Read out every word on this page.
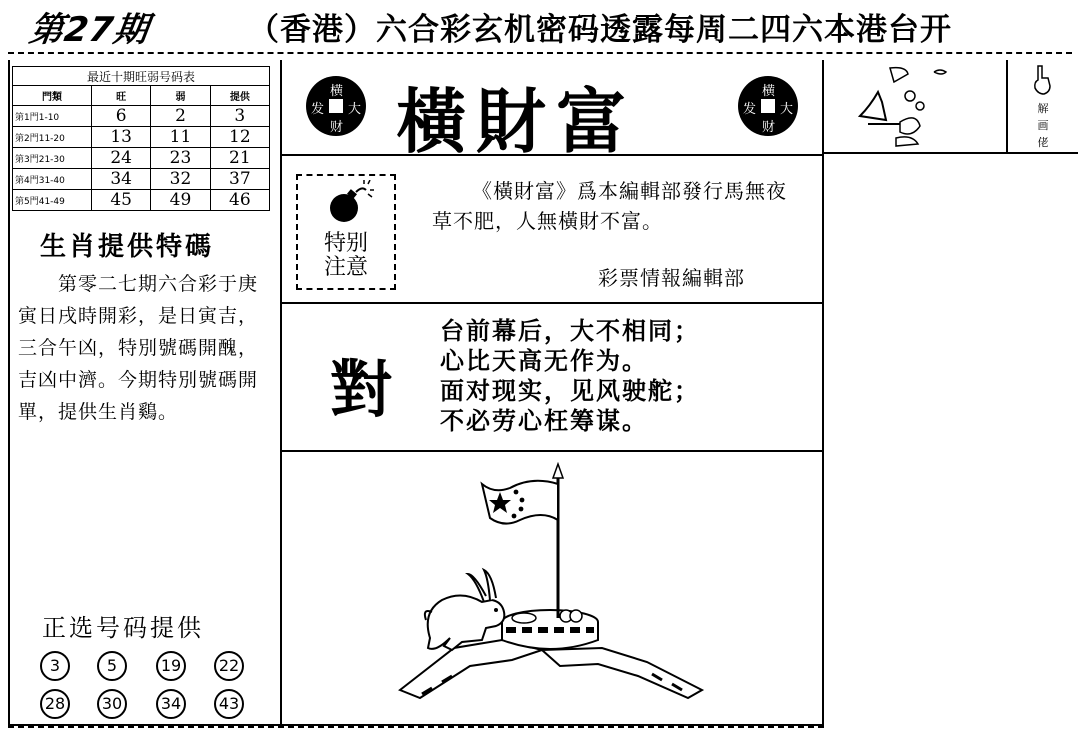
第27期	（香港）六合彩玄机密码透露每周二四六本港台开
最近十期旺弱号码表			
門類	旺	弱	提供
第1門1-10	6	2	3
第2門11-20	13	11	12
第3門21-30	24	23	21
第4門31-40	34	32	37
第5門41-49	45	49	46
生肖提供特碼
第零二七期六合彩于庚寅日戌時開彩，是日寅吉，三合午凶，特別號碼開醜，吉凶中濟。今期特別號碼開單，提供生肖鷄。
正选号码提供
3	5	19	22
28	30	34	43
横
发 大
财 橫財富	横
发 大
财
特别
注意
《橫財富》爲本編輯部發行馬無夜草不肥，人無橫財不富。
彩票情報編輯部
對
台前幕后，大不相同；
心比天高无作为。
面对现实，见风驶舵；
不必劳心枉筹谋。
解画佬
